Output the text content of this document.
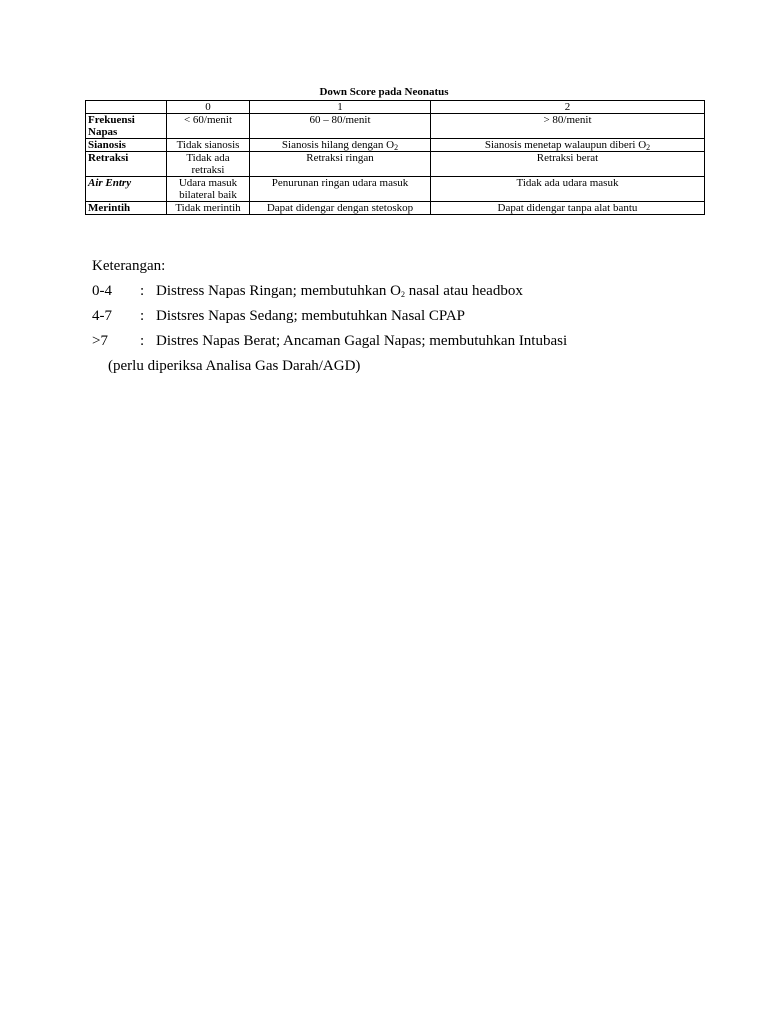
Down Score pada Neonatus
	0	1	2
Frekuensi Napas	< 60/menit	60 – 80/menit	> 80/menit
Sianosis	Tidak sianosis	Sianosis hilang dengan $O_2$	Sianosis menetap walaupun diberi $O_2$
Retraksi	Tidak ada retraksi	Retraksi ringan	Retraksi berat
Air Entry	Udara masuk bilateral baik	Penurunan ringan udara masuk	Tidak ada udara masuk
Merintih	Tidak merintih	Dapat didengar dengan stetoskop	Dapat didengar tanpa alat bantu
Keterangan:
0-4	: Distress Napas Ringan; membutuhkan $O_2$ nasal atau headbox
4-7	: Distsres Napas Sedang; membutuhkan Nasal CPAP
>7	: Distres Napas Berat; Ancaman Gagal Napas; membutuhkan Intubasi
(perlu diperiksa Analisa Gas Darah/AGD)
